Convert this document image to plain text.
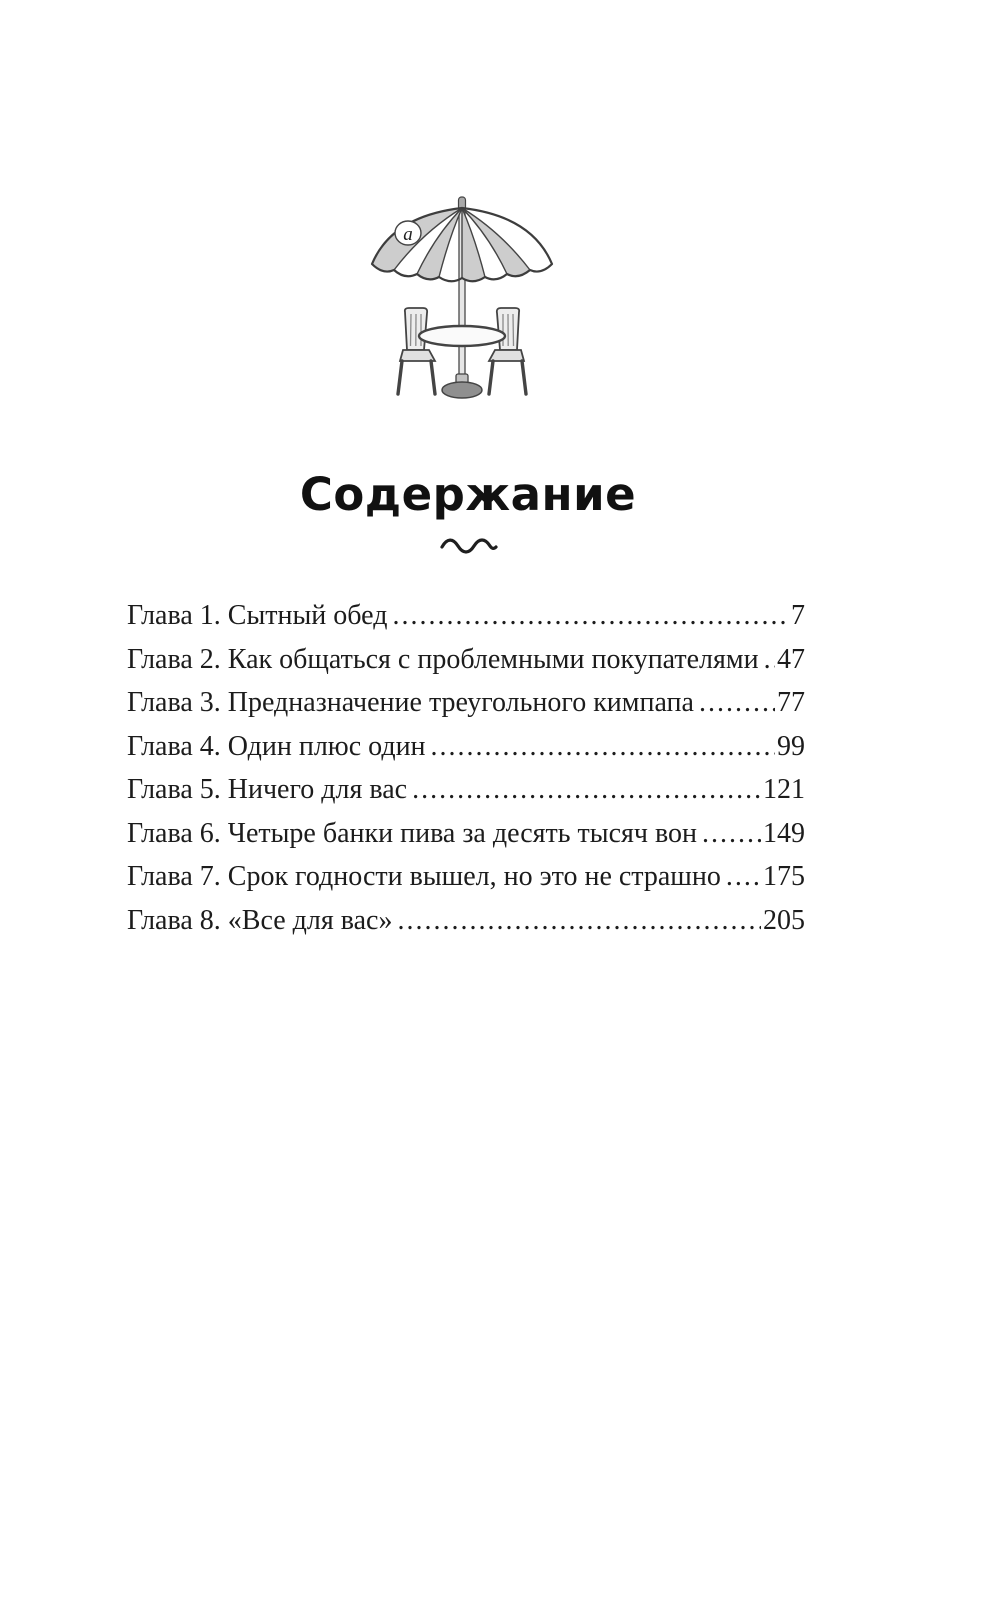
a
Содержание
Глава 1. Сытный обед .....	7
Глава 2. Как общаться с проблемными покупателями ..... 47
Глава 3. Предназначение треугольного кимпапа .....	77
Глава 4. Один плюс один .....	99
Глава 5. Ничего для вас .....	121
Глава 6. Четыре банки пива за десять тысяч вон ..... 149
Глава 7. Срок годности вышел, но это не страшно ..... 175
Глава 8. «Все для вас» .....	205
